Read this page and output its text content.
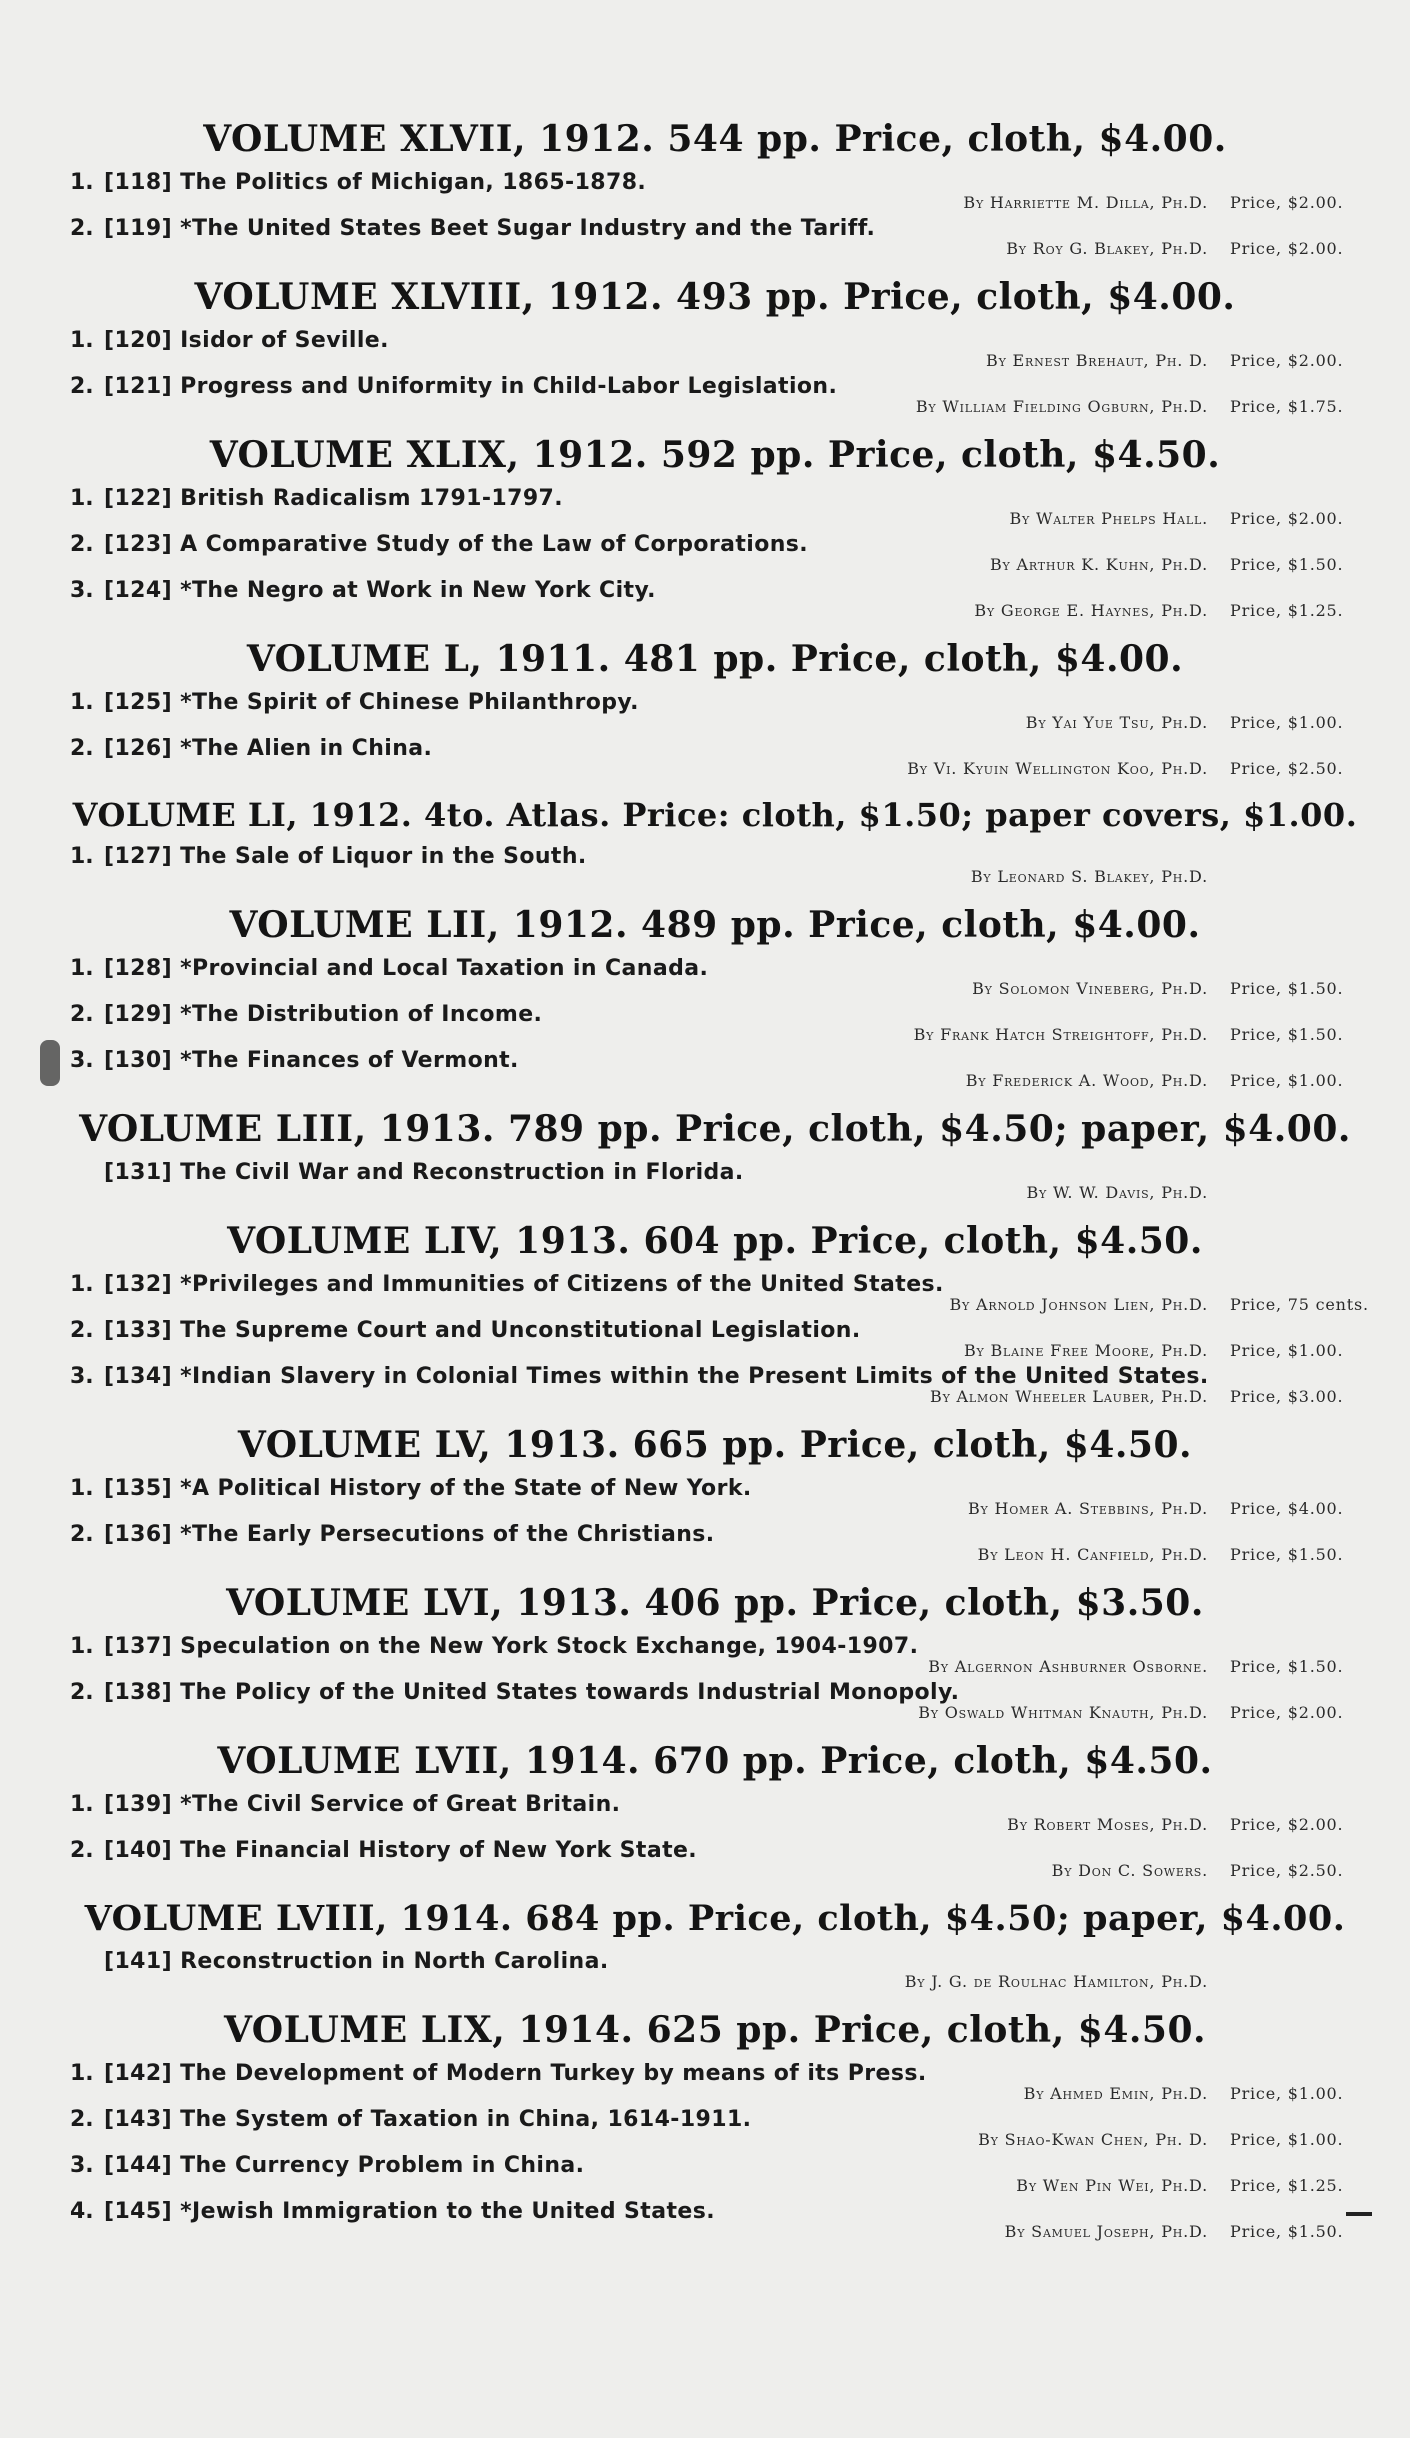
VOLUME XLVII, 1912. 544 pp. Price, cloth, $4.00.
1. [118] The Politics of Michigan, 1865-1878.
By Harriette M. Dilla, Ph.D. Price, $2.00.
2. [119] *The United States Beet Sugar Industry and the Tariff.
By Roy G. Blakey, Ph.D. Price, $2.00.
VOLUME XLVIII, 1912. 493 pp. Price, cloth, $4.00.
1. [120] Isidor of Seville.
By Ernest Brehaut, Ph. D. Price, $2.00.
2. [121] Progress and Uniformity in Child-Labor Legislation.
By William Fielding Ogburn, Ph.D. Price, $1.75.
VOLUME XLIX, 1912. 592 pp. Price, cloth, $4.50.
1. [122] British Radicalism 1791-1797.
By Walter Phelps Hall. Price, $2.00.
2. [123] A Comparative Study of the Law of Corporations.
By Arthur K. Kuhn, Ph.D. Price, $1.50.
3. [124] *The Negro at Work in New York City.
By George E. Haynes, Ph.D. Price, $1.25.
VOLUME L, 1911. 481 pp. Price, cloth, $4.00.
1. [125] *The Spirit of Chinese Philanthropy.
By Yai Yue Tsu, Ph.D. Price, $1.00.
2. [126] *The Alien in China.
By Vi. Kyuin Wellington Koo, Ph.D. Price, $2.50.
VOLUME LI, 1912. 4to. Atlas. Price: cloth, $1.50; paper covers, $1.00.
1. [127] The Sale of Liquor in the South.
By Leonard S. Blakey, Ph.D.
VOLUME LII, 1912. 489 pp. Price, cloth, $4.00.
1. [128] *Provincial and Local Taxation in Canada.
By Solomon Vineberg, Ph.D. Price, $1.50.
2. [129] *The Distribution of Income.
By Frank Hatch Streightoff, Ph.D. Price, $1.50.
3. [130] *The Finances of Vermont.
By Frederick A. Wood, Ph.D. Price, $1.00.
VOLUME LIII, 1913. 789 pp. Price, cloth, $4.50; paper, $4.00.
[131] The Civil War and Reconstruction in Florida.
By W. W. Davis, Ph.D.
VOLUME LIV, 1913. 604 pp. Price, cloth, $4.50.
1. [132] *Privileges and Immunities of Citizens of the United States.
By Arnold Johnson Lien, Ph.D. Price, 75 cents.
2. [133] The Supreme Court and Unconstitutional Legislation.
By Blaine Free Moore, Ph.D. Price, $1.00.
3. [134] *Indian Slavery in Colonial Times within the Present Limits of the United States.
By Almon Wheeler Lauber, Ph.D. Price, $3.00.
VOLUME LV, 1913. 665 pp. Price, cloth, $4.50.
1. [135] *A Political History of the State of New York.
By Homer A. Stebbins, Ph.D. Price, $4.00.
2. [136] *The Early Persecutions of the Christians.
By Leon H. Canfield, Ph.D. Price, $1.50.
VOLUME LVI, 1913. 406 pp. Price, cloth, $3.50.
1. [137] Speculation on the New York Stock Exchange, 1904-1907.
By Algernon Ashburner Osborne. Price, $1.50.
2. [138] The Policy of the United States towards Industrial Monopoly.
By Oswald Whitman Knauth, Ph.D. Price, $2.00.
VOLUME LVII, 1914. 670 pp. Price, cloth, $4.50.
1. [139] *The Civil Service of Great Britain.
By Robert Moses, Ph.D. Price, $2.00.
2. [140] The Financial History of New York State.
By Don C. Sowers. Price, $2.50.
VOLUME LVIII, 1914. 684 pp. Price, cloth, $4.50; paper, $4.00.
[141] Reconstruction in North Carolina.
By J. G. de Roulhac Hamilton, Ph.D.
VOLUME LIX, 1914. 625 pp. Price, cloth, $4.50.
1. [142] The Development of Modern Turkey by means of its Press.
By Ahmed Emin, Ph.D. Price, $1.00.
2. [143] The System of Taxation in China, 1614-1911.
By Shao-Kwan Chen, Ph. D. Price, $1.00.
3. [144] The Currency Problem in China.
By Wen Pin Wei, Ph.D. Price, $1.25.
4. [145] *Jewish Immigration to the United States.
By Samuel Joseph, Ph.D. Price, $1.50.
